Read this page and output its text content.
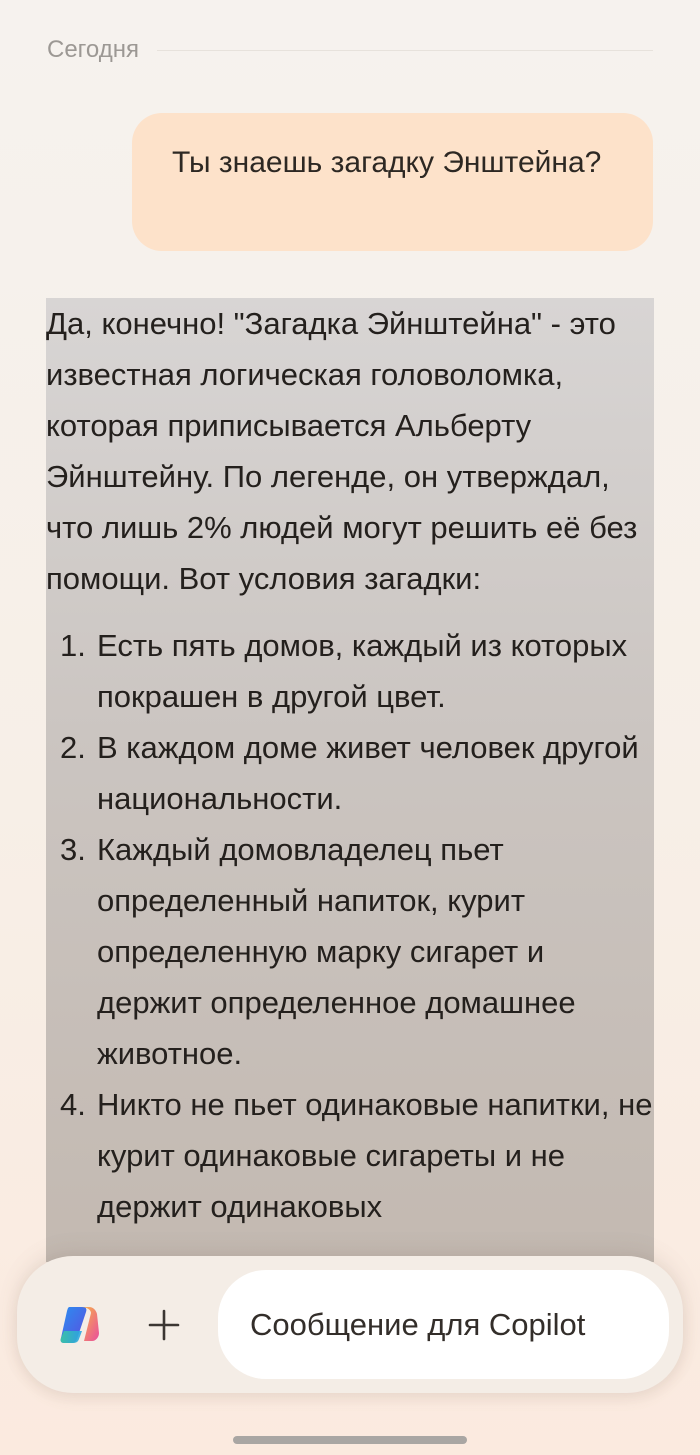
Сегодня
Ты знаешь загадку Энштейна?

Да, конечно! "Загадка Эйнштейна" - это известная логическая головоломка, которая приписывается Альберту Эйнштейну. По легенде, он утверждал, что лишь 2% людей могут решить её без помощи. Вот условия загадки:

1. Есть пять домов, каждый из которых покрашен в другой цвет.
2. В каждом доме живет человек другой национальности.
3. Каждый домовладелец пьет определенный напиток, курит определенную марку сигарет и держит определенное домашнее животное.
4. Никто не пьет одинаковые напитки, не курит одинаковые сигареты и не держит одинаковых
Сообщение для Copilot
